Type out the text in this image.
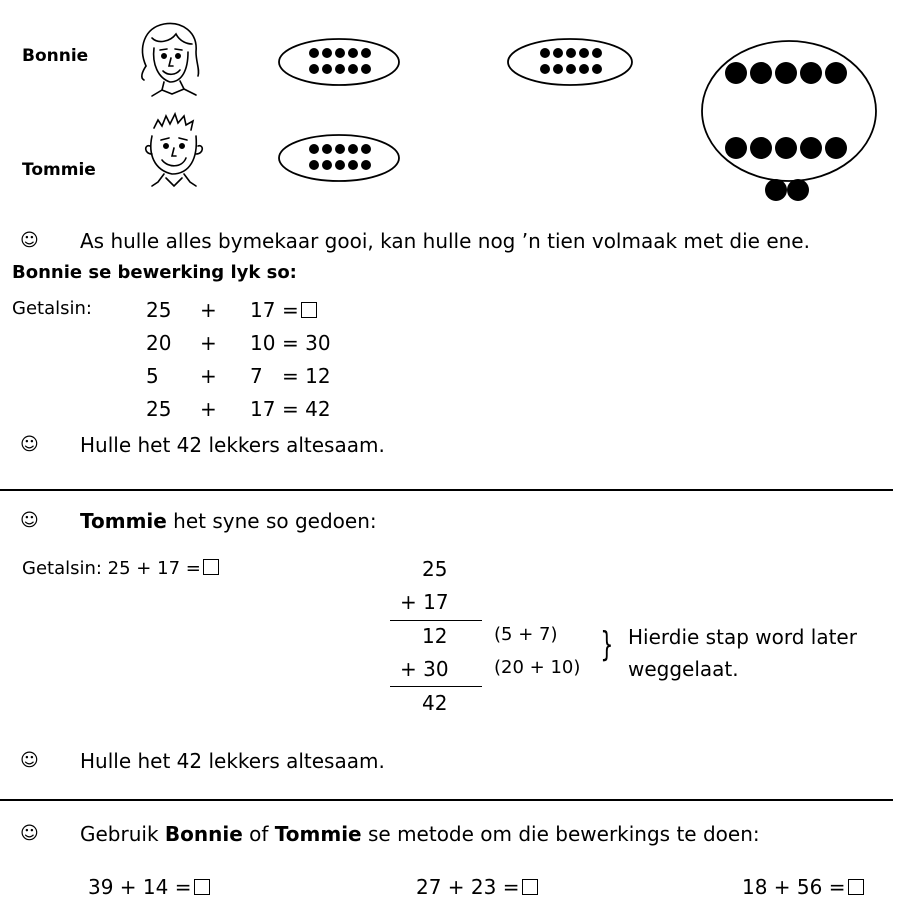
Bonnie
Tommie
☺ As hulle alles bymekaar gooi, kan hulle nog ’n tien volmaak met die ene.
Bonnie se bewerking lyk so:
Getalsin:	25 + 17 =
20 + 10 = 30
5 + 7 = 12
25 + 17 = 42
☺ Hulle het 42 lekkers altesaam.
☺ Tommie het syne so gedoen:
Getalsin: 25 + 17 =	25
+ 17
12	(5 + 7)
+ 30	(20 + 10)
42
} Hierdie stap word later
weggelaat.
☺ Hulle het 42 lekkers altesaam.
☺ Gebruik Bonnie of Tommie se metode om die bewerkings te doen:
39 + 14 =	27 + 23 =	18 + 56 =
